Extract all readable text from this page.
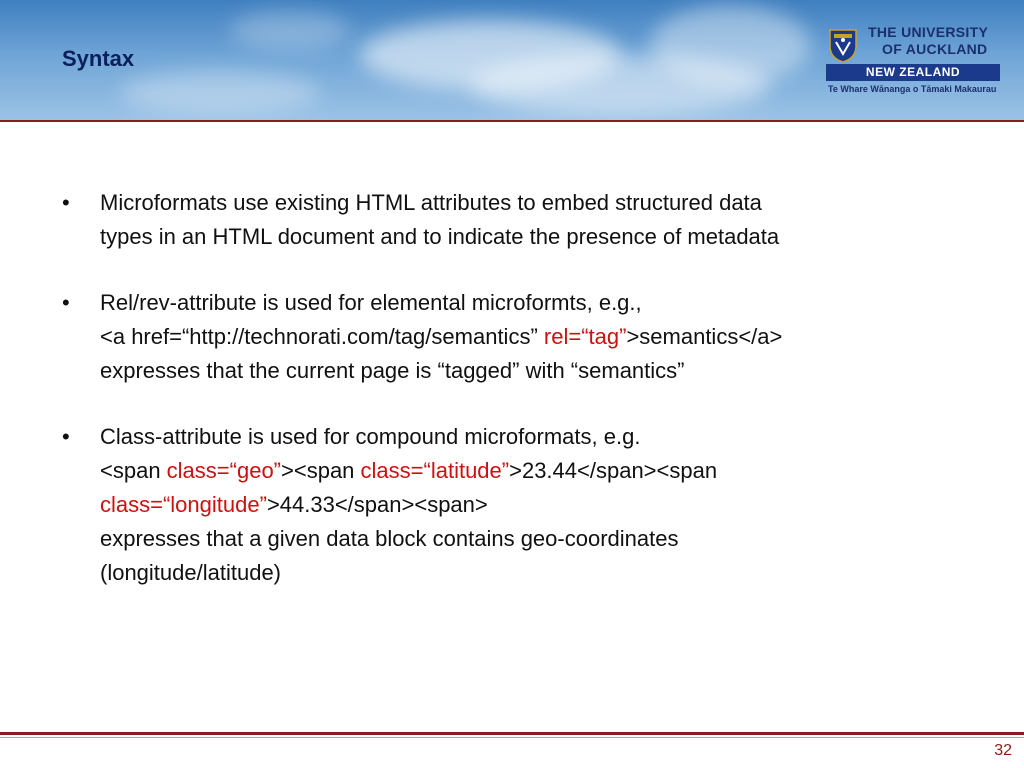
Syntax
THE UNIVERSITY
OF AUCKLAND
NEW ZEALAND
Te Whare Wānanga o Tāmaki Makaurau
• Microformats use existing HTML attributes to embed structured data
types in an HTML document and to indicate the presence of metadata
• Rel/rev-attribute is used for elemental microformts, e.g.,
<a href=“http://technorati.com/tag/semantics” rel=“tag”>semantics</a>
expresses that the current page is “tagged” with “semantics”
• Class-attribute is used for compound microformats, e.g.
<span class=“geo”><span class=“latitude”>23.44</span><span
class=“longitude”>44.33</span><span>
expresses that a given data block contains geo-coordinates
(longitude/latitude)
32
